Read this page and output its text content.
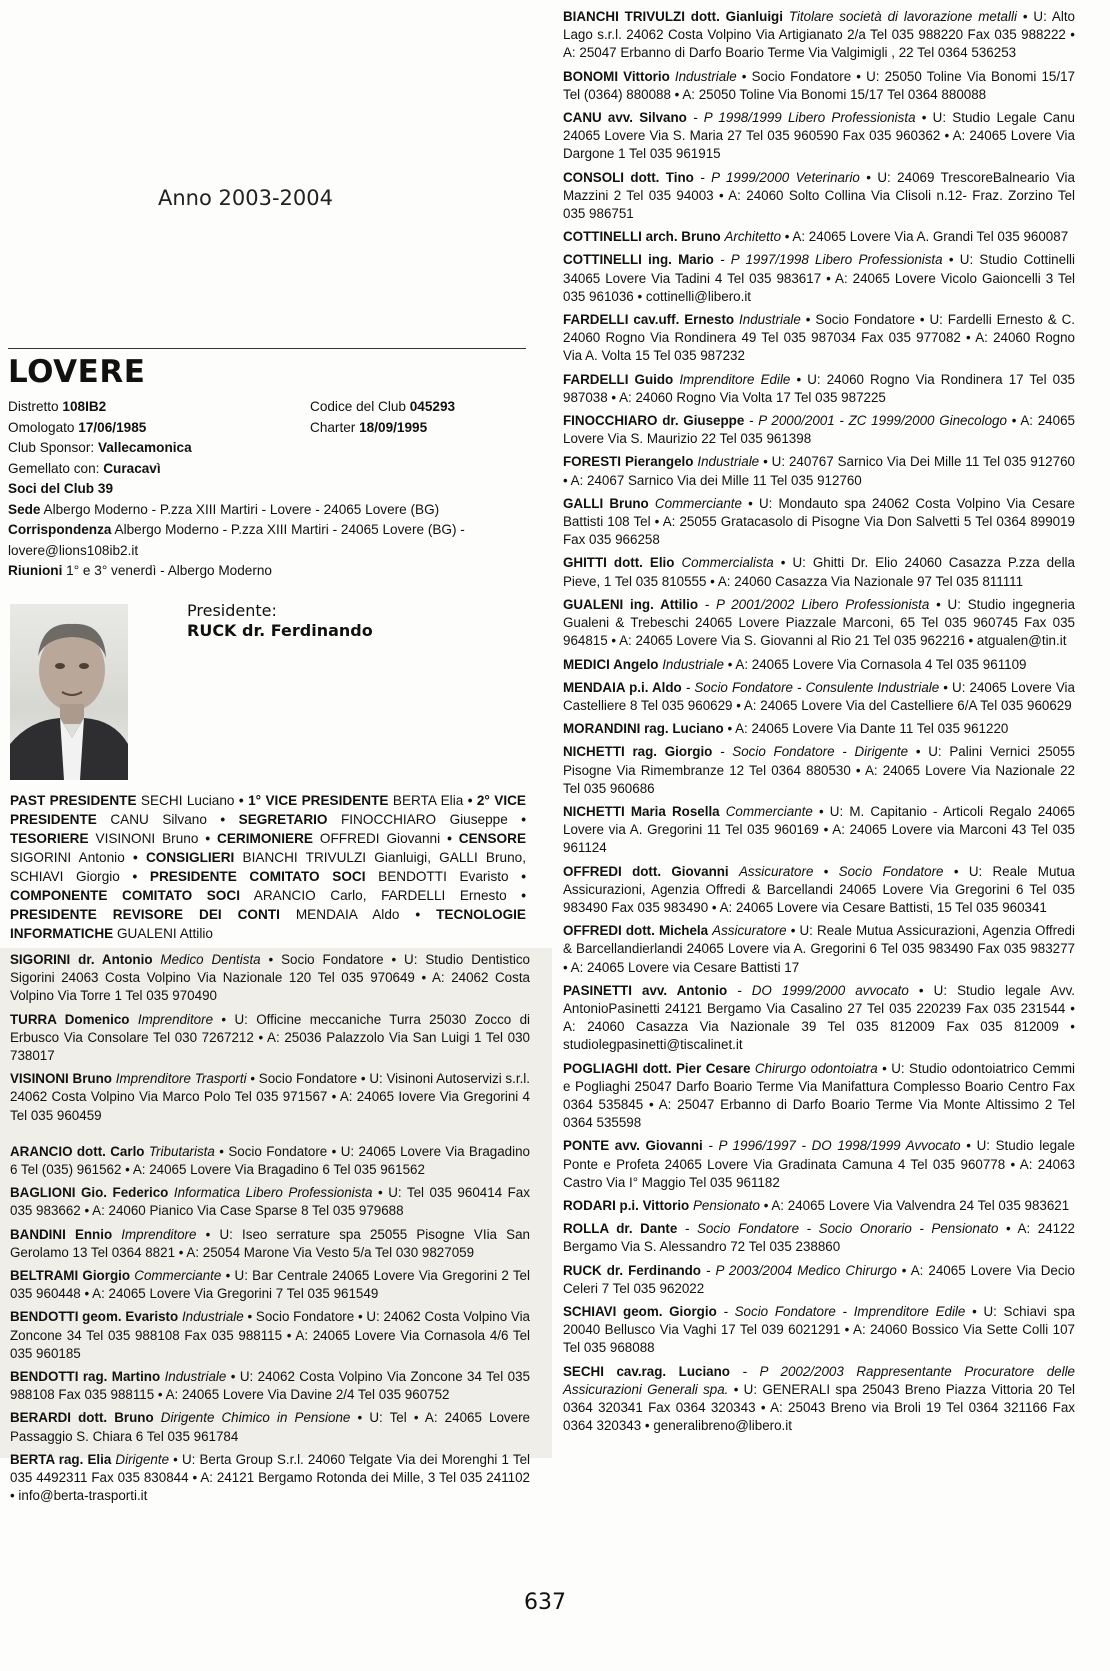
Anno 2003-2004
LOVERE
Distretto 108IB2	Codice del Club 045293
Omologato 17/06/1985	Charter 18/09/1995
Club Sponsor: Vallecamonica
Gemellato con: Curacavì
Soci del Club 39
Sede Albergo Moderno - P.zza XIII Martiri - Lovere - 24065 Lovere (BG)
Corrispondenza Albergo Moderno - P.zza XIII Martiri - 24065 Lovere (BG) - lovere@lions108ib2.it
Riunioni 1° e 3° venerdì - Albergo Moderno
Presidente:
RUCK dr. Ferdinando
PAST PRESIDENTE SECHI Luciano • 1° VICE PRESIDENTE BERTA Elia • 2° VICE PRESIDENTE CANU Silvano • SEGRETARIO FINOCCHIARO Giuseppe • TESORIERE VISINONI Bruno • CERIMONIERE OFFREDI Giovanni • CENSORE SIGORINI Antonio • CONSIGLIERI BIANCHI TRIVULZI Gianluigi, GALLI Bruno, SCHIAVI Giorgio • PRESIDENTE COMITATO SOCI BENDOTTI Evaristo • COMPONENTE COMITATO SOCI ARANCIO Carlo, FARDELLI Ernesto • PRESIDENTE REVISORE DEI CONTI MENDAIA Aldo • TECNOLOGIE INFORMATICHE GUALENI Attilio
SIGORINI dr. Antonio Medico Dentista • Socio Fondatore • U: Studio Dentistico Sigorini 24063 Costa Volpino Via Nazionale 120 Tel 035 970649 • A: 24062 Costa Volpino Via Torre 1 Tel 035 970490
TURRA Domenico Imprenditore • U: Officine meccaniche Turra 25030 Zocco di Erbusco Via Consolare Tel 030 7267212 • A: 25036 Palazzolo Via San Luigi 1 Tel 030 738017
VISINONI Bruno Imprenditore Trasporti • Socio Fondatore • U: Visinoni Autoservizi s.r.l. 24062 Costa Volpino Via Marco Polo Tel 035 971567 • A: 24065 Iovere Via Gregorini 4 Tel 035 960459
ARANCIO dott. Carlo Tributarista • Socio Fondatore • U: 24065 Lovere Via Bragadino 6 Tel (035) 961562 • A: 24065 Lovere Via Bragadino 6 Tel 035 961562
BAGLIONI Gio. Federico Informatica Libero Professionista • U: Tel 035 960414 Fax 035 983662 • A: 24060 Pianico Via Case Sparse 8 Tel 035 979688
BANDINI Ennio Imprenditore • U: Iseo serrature spa 25055 Pisogne VIia San Gerolamo 13 Tel 0364 8821 • A: 25054 Marone Via Vesto 5/a Tel 030 9827059
BELTRAMI Giorgio Commerciante • U: Bar Centrale 24065 Lovere Via Gregorini 2 Tel 035 960448 • A: 24065 Lovere Via Gregorini 7 Tel 035 961549
BENDOTTI geom. Evaristo Industriale • Socio Fondatore • U: 24062 Costa Volpino Via Zoncone 34 Tel 035 988108 Fax 035 988115 • A: 24065 Lovere Via Cornasola 4/6 Tel 035 960185
BENDOTTI rag. Martino Industriale • U: 24062 Costa Volpino Via Zoncone 34 Tel 035 988108 Fax 035 988115 • A: 24065 Lovere Via Davine 2/4 Tel 035 960752
BERARDI dott. Bruno Dirigente Chimico in Pensione • U: Tel • A: 24065 Lovere Passaggio S. Chiara 6 Tel 035 961784
BERTA rag. Elia Dirigente • U: Berta Group S.r.l. 24060 Telgate Via dei Morenghi 1 Tel 035 4492311 Fax 035 830844 • A: 24121 Bergamo Rotonda dei Mille, 3 Tel 035 241102 • info@berta-trasporti.it
BIANCHI TRIVULZI dott. Gianluigi Titolare società di lavorazione metalli • U: Alto Lago s.r.l. 24062 Costa Volpino Via Artigianato 2/a Tel 035 988220 Fax 035 988222 • A: 25047 Erbanno di Darfo Boario Terme Via Valgimigli , 22 Tel 0364 536253
BONOMI Vittorio Industriale • Socio Fondatore • U: 25050 Toline Via Bonomi 15/17 Tel (0364) 880088 • A: 25050 Toline Via Bonomi 15/17 Tel 0364 880088
CANU avv. Silvano - P 1998/1999 Libero Professionista • U: Studio Legale Canu 24065 Lovere Via S. Maria 27 Tel 035 960590 Fax 035 960362 • A: 24065 Lovere Via Dargone 1 Tel 035 961915
CONSOLI dott. Tino - P 1999/2000 Veterinario • U: 24069 TrescoreBalneario Via Mazzini 2 Tel 035 94003 • A: 24060 Solto Collina Via Clisoli n.12- Fraz. Zorzino Tel 035 986751
COTTINELLI arch. Bruno Architetto • A: 24065 Lovere Via A. Grandi Tel 035 960087
COTTINELLI ing. Mario - P 1997/1998 Libero Professionista • U: Studio Cottinelli 34065 Lovere Via Tadini 4 Tel 035 983617 • A: 24065 Lovere Vicolo Gaioncelli 3 Tel 035 961036 • cottinelli@libero.it
FARDELLI cav.uff. Ernesto Industriale • Socio Fondatore • U: Fardelli Ernesto & C. 24060 Rogno Via Rondinera 49 Tel 035 987034 Fax 035 977082 • A: 24060 Rogno Via A. Volta 15 Tel 035 987232
FARDELLI Guido Imprenditore Edile • U: 24060 Rogno Via Rondinera 17 Tel 035 987038 • A: 24060 Rogno Via Volta 17 Tel 035 987225
FINOCCHIARO dr. Giuseppe - P 2000/2001 - ZC 1999/2000 Ginecologo • A: 24065 Lovere Via S. Maurizio 22 Tel 035 961398
FORESTI Pierangelo Industriale • U: 240767 Sarnico Via Dei Mille 11 Tel 035 912760 • A: 24067 Sarnico Via dei Mille 11 Tel 035 912760
GALLI Bruno Commerciante • U: Mondauto spa 24062 Costa Volpino Via Cesare Battisti 108 Tel • A: 25055 Gratacasolo di Pisogne Via Don Salvetti 5 Tel 0364 899019 Fax 035 966258
GHITTI dott. Elio Commercialista • U: Ghitti Dr. Elio 24060 Casazza P.zza della Pieve, 1 Tel 035 810555 • A: 24060 Casazza Via Nazionale 97 Tel 035 811111
GUALENI ing. Attilio - P 2001/2002 Libero Professionista • U: Studio ingegneria Gualeni & Trebeschi 24065 Lovere Piazzale Marconi, 65 Tel 035 960745 Fax 035 964815 • A: 24065 Lovere Via S. Giovanni al Rio 21 Tel 035 962216 • atgualen@tin.it
MEDICI Angelo Industriale • A: 24065 Lovere Via Cornasola 4 Tel 035 961109
MENDAIA p.i. Aldo - Socio Fondatore - Consulente Industriale • U: 24065 Lovere Via Castelliere 8 Tel 035 960629 • A: 24065 Lovere Via del Castelliere 6/A Tel 035 960629
MORANDINI rag. Luciano • A: 24065 Lovere Via Dante 11 Tel 035 961220
NICHETTI rag. Giorgio - Socio Fondatore - Dirigente • U: Palini Vernici 25055 Pisogne Via Rimembranze 12 Tel 0364 880530 • A: 24065 Lovere Via Nazionale 22 Tel 035 960686
NICHETTI Maria Rosella Commerciante • U: M. Capitanio - Articoli Regalo 24065 Lovere via A. Gregorini 11 Tel 035 960169 • A: 24065 Lovere via Marconi 43 Tel 035 961124
OFFREDI dott. Giovanni Assicuratore • Socio Fondatore • U: Reale Mutua Assicurazioni, Agenzia Offredi & Barcellandi 24065 Lovere Via Gregorini 6 Tel 035 983490 Fax 035 983490 • A: 24065 Lovere via Cesare Battisti, 15 Tel 035 960341
OFFREDI dott. Michela Assicuratore • U: Reale Mutua Assicurazioni, Agenzia Offredi & Barcellandierlandi 24065 Lovere via A. Gregorini 6 Tel 035 983490 Fax 035 983277 • A: 24065 Lovere via Cesare Battisti 17
PASINETTI avv. Antonio - DO 1999/2000 avvocato • U: Studio legale Avv. AntonioPasinetti 24121 Bergamo Via Casalino 27 Tel 035 220239 Fax 035 231544 • A: 24060 Casazza Via Nazionale 39 Tel 035 812009 Fax 035 812009 • studiolegpasinetti@tiscalinet.it
POGLIAGHI dott. Pier Cesare Chirurgo odontoiatra • U: Studio odontoiatrico Cemmi e Pogliaghi 25047 Darfo Boario Terme Via Manifattura Complesso Boario Centro Fax 0364 535845 • A: 25047 Erbanno di Darfo Boario Terme Via Monte Altissimo 2 Tel 0364 535598
PONTE avv. Giovanni - P 1996/1997 - DO 1998/1999 Avvocato • U: Studio legale Ponte e Profeta 24065 Lovere Via Gradinata Camuna 4 Tel 035 960778 • A: 24063 Castro Via I° Maggio Tel 035 961182
RODARI p.i. Vittorio Pensionato • A: 24065 Lovere Via Valvendra 24 Tel 035 983621
ROLLA dr. Dante - Socio Fondatore - Socio Onorario - Pensionato • A: 24122 Bergamo Via S. Alessandro 72 Tel 035 238860
RUCK dr. Ferdinando - P 2003/2004 Medico Chirurgo • A: 24065 Lovere Via Decio Celeri 7 Tel 035 962022
SCHIAVI geom. Giorgio - Socio Fondatore - Imprenditore Edile • U: Schiavi spa 20040 Bellusco Via Vaghi 17 Tel 039 6021291 • A: 24060 Bossico Via Sette Colli 107 Tel 035 968088
SECHI cav.rag. Luciano - P 2002/2003 Rappresentante Procuratore delle Assicurazioni Generali spa. • U: GENERALI spa 25043 Breno Piazza Vittoria 20 Tel 0364 320341 Fax 0364 320343 • A: 25043 Breno via Broli 19 Tel 0364 321166 Fax 0364 320343 • generalibreno@libero.it
637
